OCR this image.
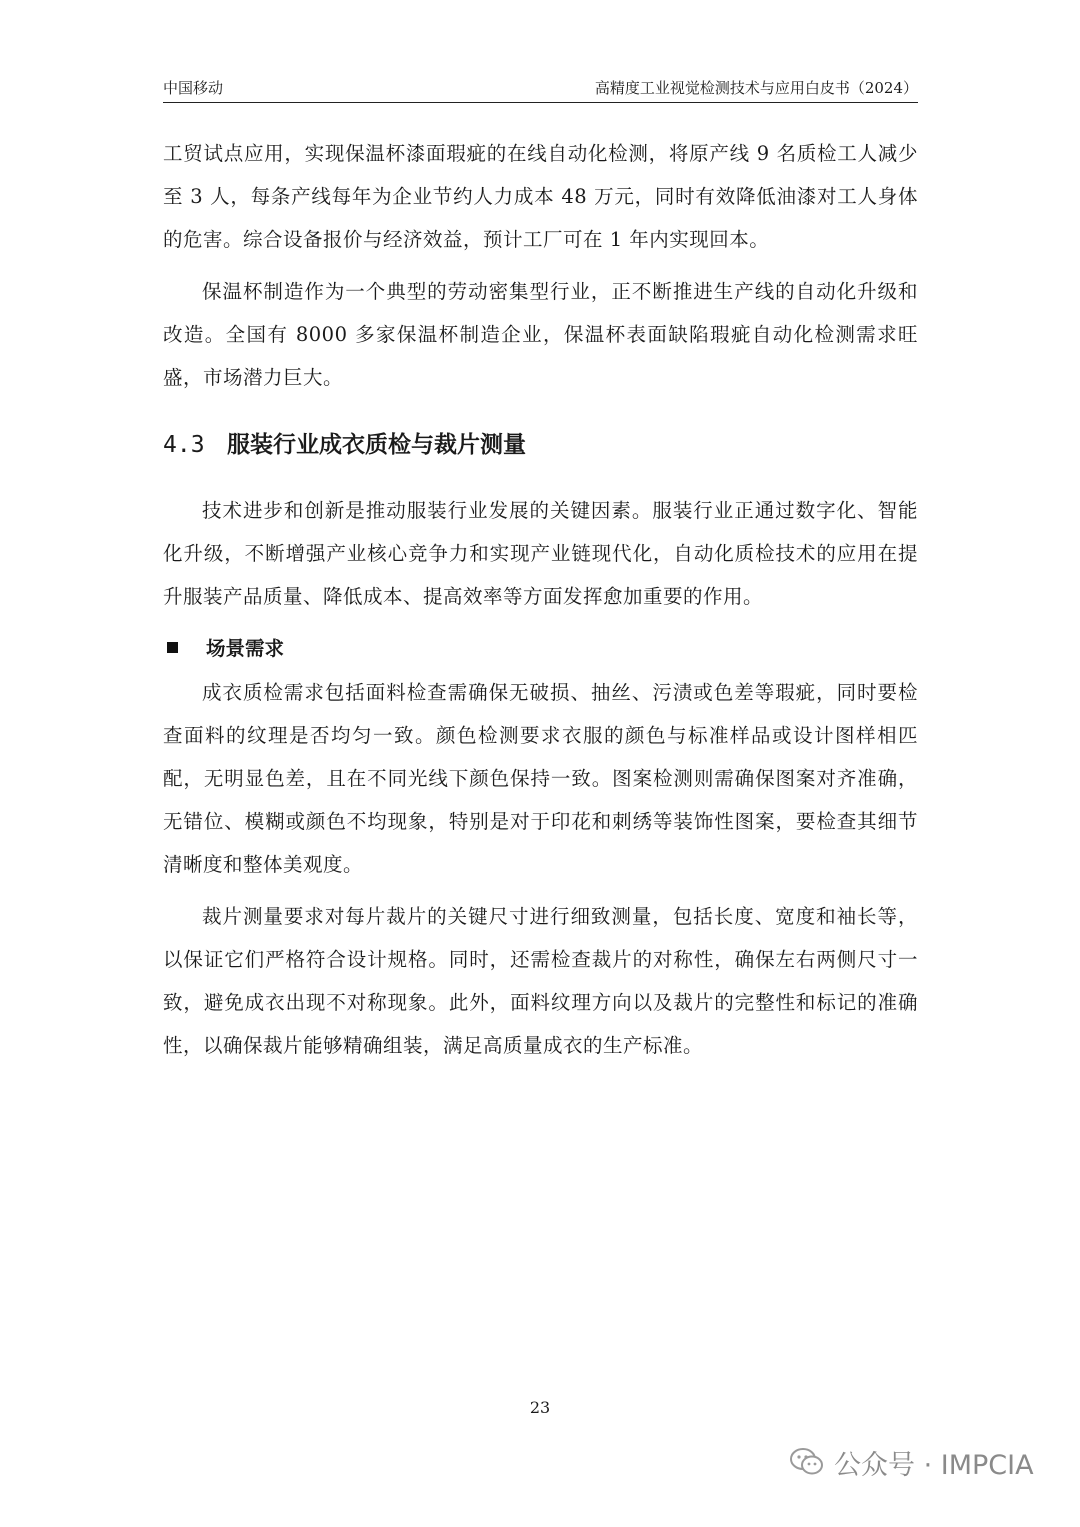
中国移动	高精度工业视觉检测技术与应用白皮书（2024）

工贸试点应用，实现保温杯漆面瑕疵的在线自动化检测，将原产线 9 名质检工人减少至 3 人，每条产线每年为企业节约人力成本 48 万元，同时有效降低油漆对工人身体的危害。综合设备报价与经济效益，预计工厂可在 1 年内实现回本。

保温杯制造作为一个典型的劳动密集型行业，正不断推进生产线的自动化升级和改造。全国有 8000 多家保温杯制造企业，保温杯表面缺陷瑕疵自动化检测需求旺盛，市场潜力巨大。

4.3 服装行业成衣质检与裁片测量

技术进步和创新是推动服装行业发展的关键因素。服装行业正通过数字化、智能化升级，不断增强产业核心竞争力和实现产业链现代化，自动化质检技术的应用在提升服装产品质量、降低成本、提高效率等方面发挥愈加重要的作用。

场景需求

成衣质检需求包括面料检查需确保无破损、抽丝、污渍或色差等瑕疵，同时要检查面料的纹理是否均匀一致。颜色检测要求衣服的颜色与标准样品或设计图样相匹配，无明显色差，且在不同光线下颜色保持一致。图案检测则需确保图案对齐准确，无错位、模糊或颜色不均现象，特别是对于印花和刺绣等装饰性图案，要检查其细节清晰度和整体美观度。

裁片测量要求对每片裁片的关键尺寸进行细致测量，包括长度、宽度和袖长等，以保证它们严格符合设计规格。同时，还需检查裁片的对称性，确保左右两侧尺寸一致，避免成衣出现不对称现象。此外，面料纹理方向以及裁片的完整性和标记的准确性，以确保裁片能够精确组装，满足高质量成衣的生产标准。

23
公众号 · IMPCIA
